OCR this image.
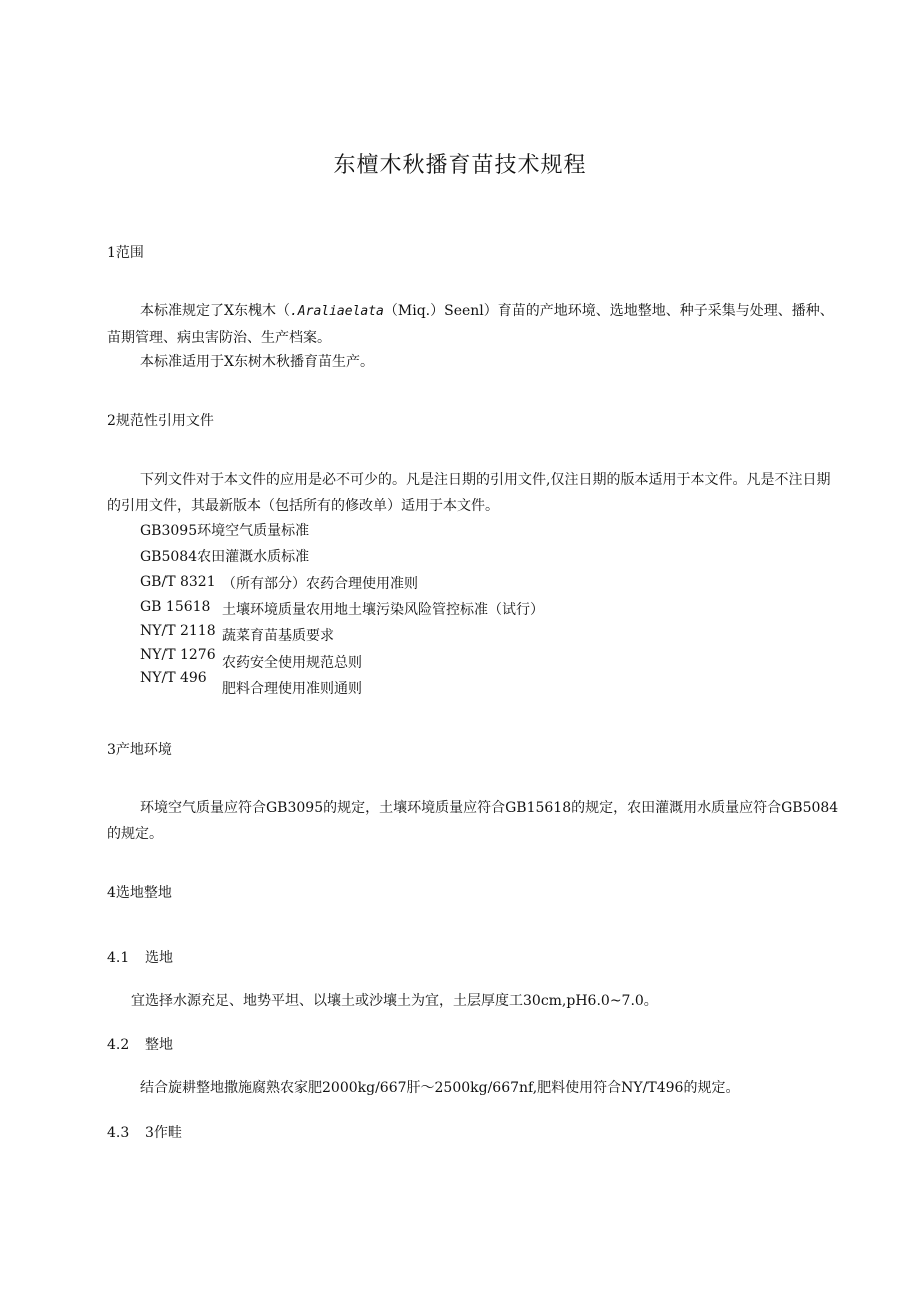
东檀木秋播育苗技术规程
1范围
本标准规定了X东槐木（.Araliaelata（Miq.）Seenl）育苗的产地环境、选地整地、种子采集与处理、播种、苗期管理、病虫害防治、生产档案。
本标准适用于X东树木秋播育苗生产。
2规范性引用文件
下列文件对于本文件的应用是必不可少的。凡是注日期的引用文件,仅注日期的版本适用于本文件。凡是不注日期的引用文件，其最新版本（包括所有的修改单）适用于本文件。
GB3095环境空气质量标准
GB5084农田灌溉水质标准
GB/T 8321
GB 15618
NY/T 2118
NY/T 1276
NY/T 496
（所有部分）农药合理使用准则
土壤环境质量农用地土壤污染风险管控标准（试行）
蔬菜育苗基质要求
农药安全使用规范总则
肥料合理使用准则通则
3产地环境
环境空气质量应符合GB3095的规定，土壤环境质量应符合GB15618的规定，农田灌溉用水质量应符合GB5084的规定。
4选地整地
4.1 选地
宜选择水源充足、地势平坦、以壤土或沙壤土为宜，土层厚度工30cm,pH6.0~7.0。
4.2 整地
结合旋耕整地撒施腐熟农家肥2000kg/667肝～2500kg/667nf,肥料使用符合NY/T496的规定。
4.3 3作畦
